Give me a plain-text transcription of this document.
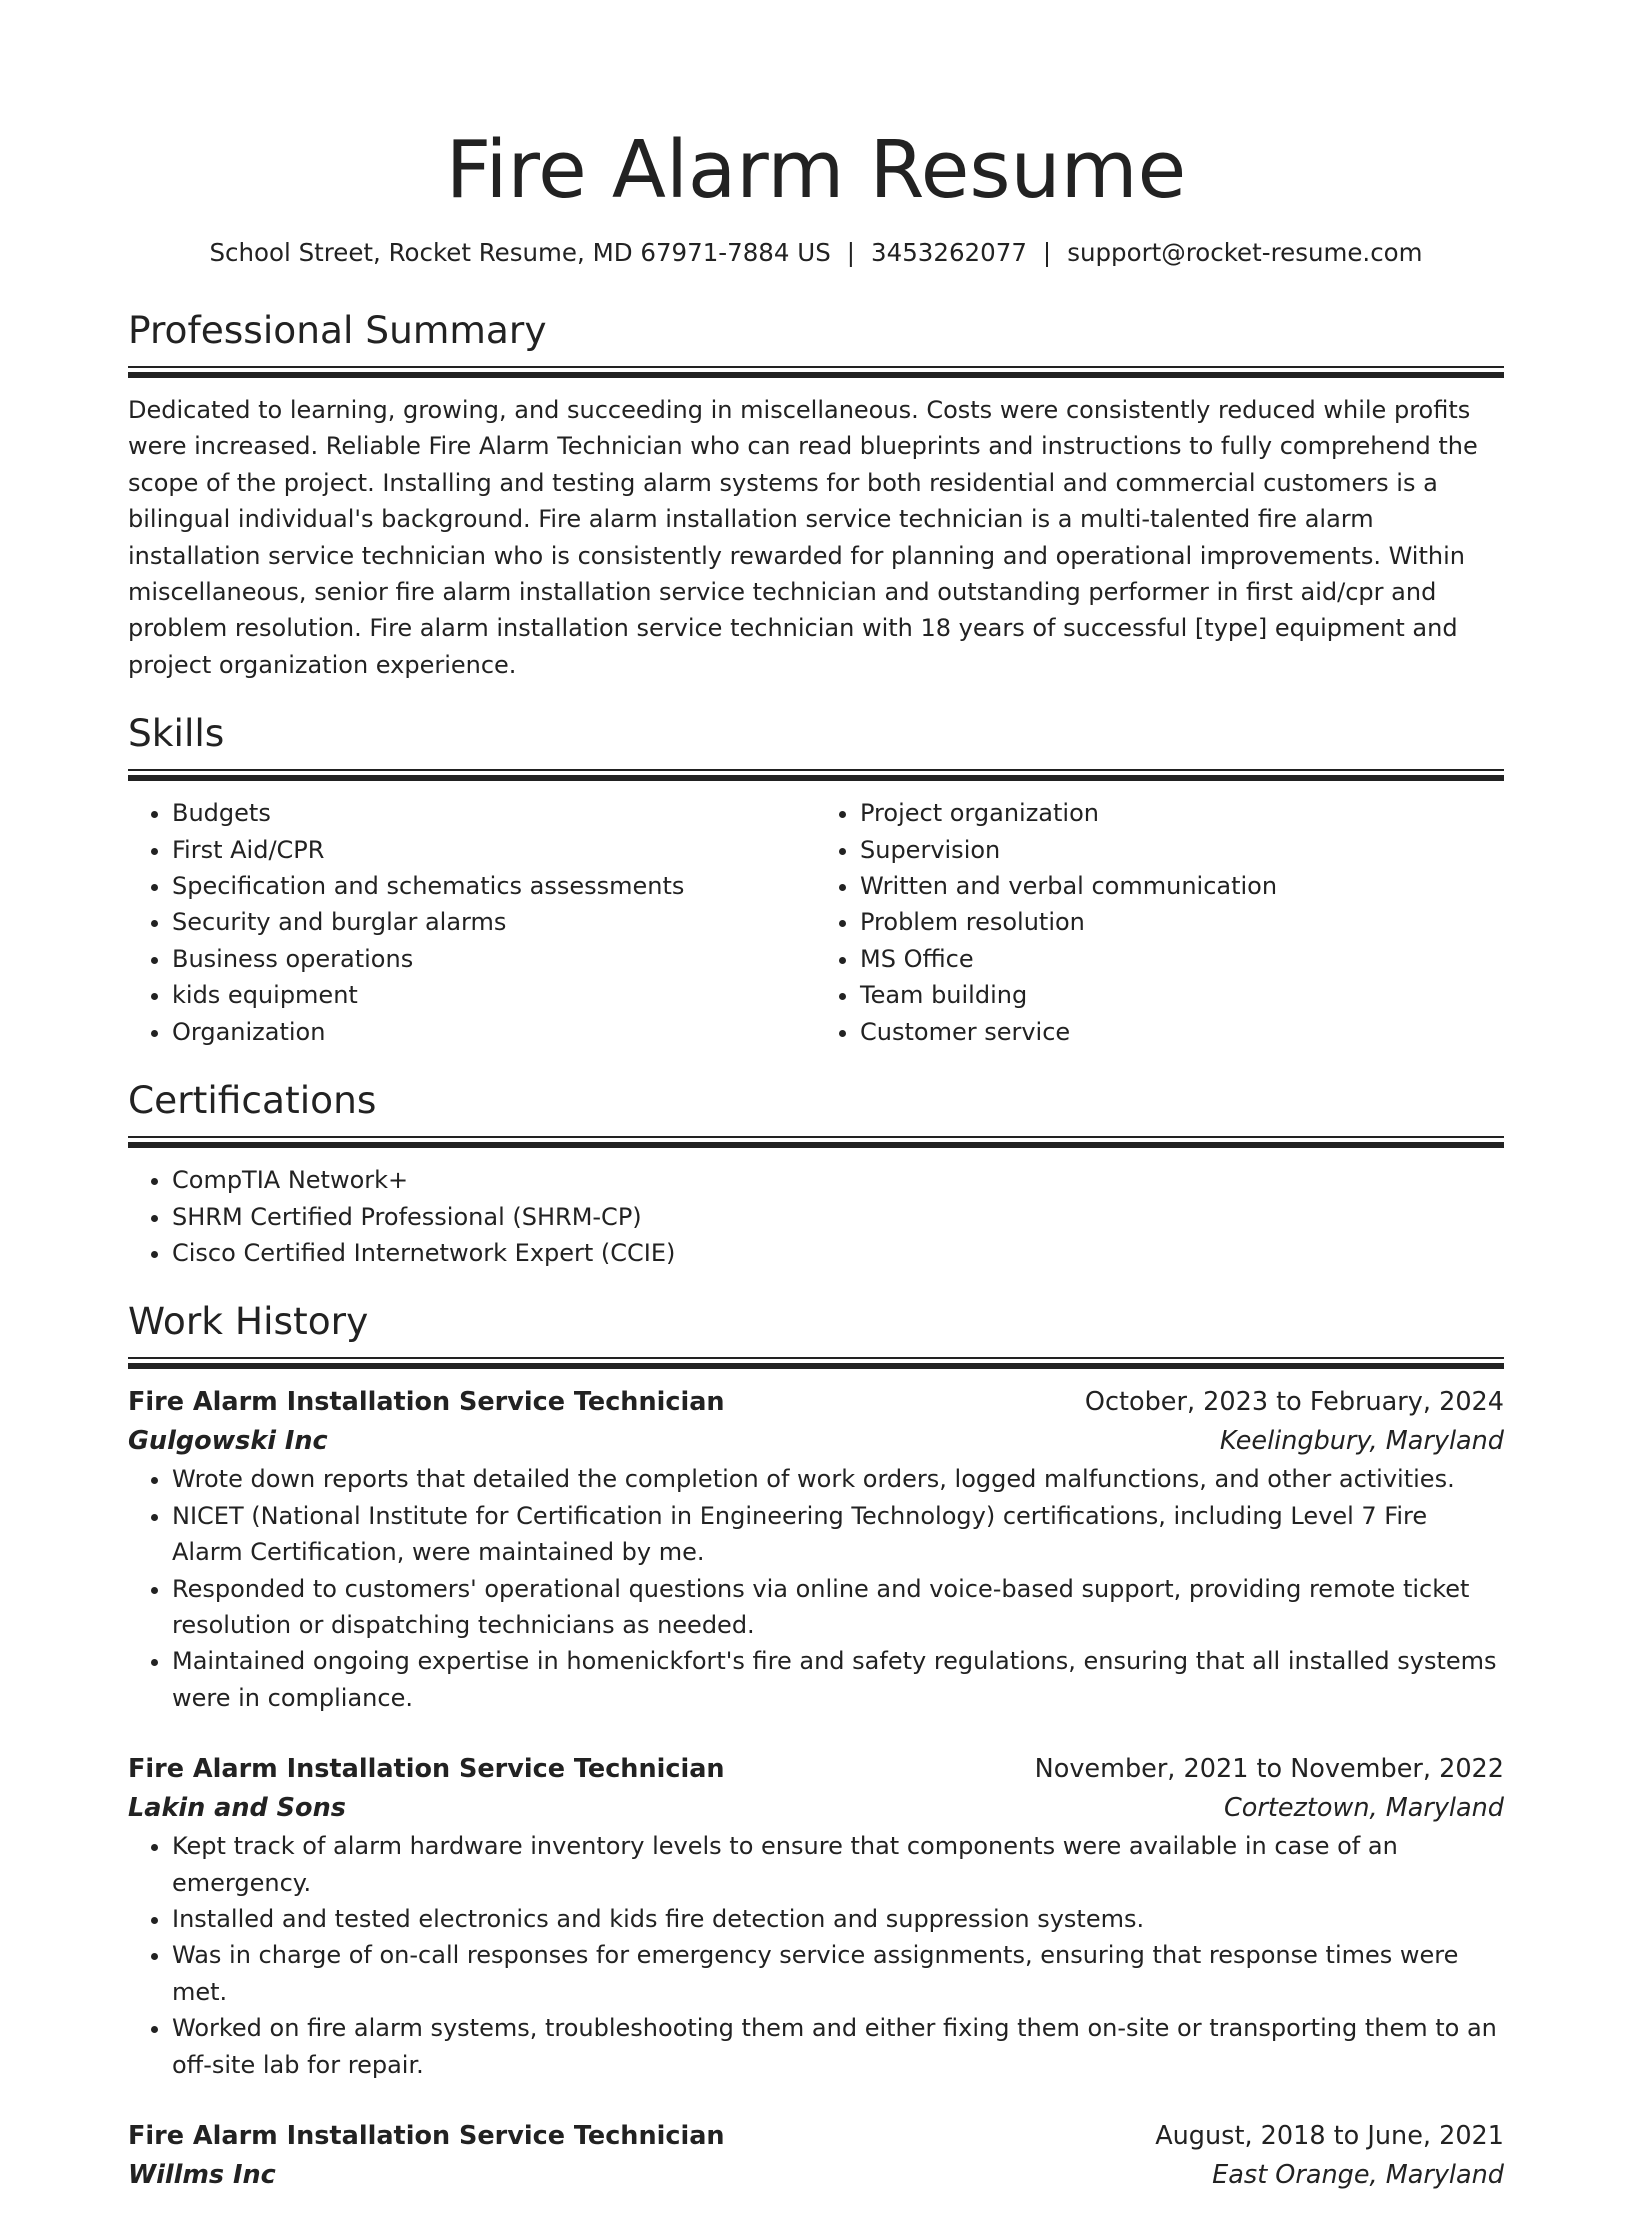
Fire Alarm Resume
School Street, Rocket Resume, MD 67971-7884 US | 3453262077 | support@rocket-resume.com
Professional Summary

Dedicated to learning, growing, and succeeding in miscellaneous. Costs were consistently reduced while profits were increased. Reliable Fire Alarm Technician who can read blueprints and instructions to fully comprehend the scope of the project. Installing and testing alarm systems for both residential and commercial customers is a bilingual individual's background. Fire alarm installation service technician is a multi-talented fire alarm installation service technician who is consistently rewarded for planning and operational improvements. Within miscellaneous, senior fire alarm installation service technician and outstanding performer in first aid/cpr and problem resolution. Fire alarm installation service technician with 18 years of successful [type] equipment and project organization experience.

Skills
• Budgets
• First Aid/CPR
• Specification and schematics assessments
• Security and burglar alarms
• Business operations
• kids equipment
• Organization
• Project organization
• Supervision
• Written and verbal communication
• Problem resolution
• MS Office
• Team building
• Customer service
Certifications
• CompTIA Network+
• SHRM Certified Professional (SHRM-CP)
• Cisco Certified Internetwork Expert (CCIE)
Work History
Fire Alarm Installation Service Technician	October, 2023 to February, 2024
Gulgowski Inc	Keelingbury, Maryland
• Wrote down reports that detailed the completion of work orders, logged malfunctions, and other activities.
• NICET (National Institute for Certification in Engineering Technology) certifications, including Level 7 Fire Alarm Certification, were maintained by me.
• Responded to customers' operational questions via online and voice-based support, providing remote ticket resolution or dispatching technicians as needed.
• Maintained ongoing expertise in homenickfort's fire and safety regulations, ensuring that all installed systems were in compliance.
Fire Alarm Installation Service Technician	November, 2021 to November, 2022
Lakin and Sons	Corteztown, Maryland
• Kept track of alarm hardware inventory levels to ensure that components were available in case of an emergency.
• Installed and tested electronics and kids fire detection and suppression systems.
• Was in charge of on-call responses for emergency service assignments, ensuring that response times were met.
• Worked on fire alarm systems, troubleshooting them and either fixing them on-site or transporting them to an off-site lab for repair.
Fire Alarm Installation Service Technician	August, 2018 to June, 2021
Willms Inc	East Orange, Maryland
